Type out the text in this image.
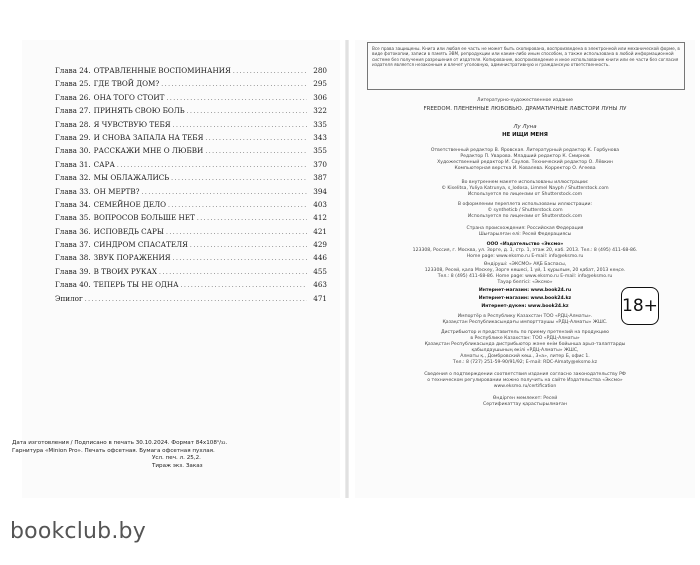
Глава 24. ОТРАВЛЕННЫЕ ВОСПОМИНАНИЯ .....	280
Глава 25. ГДЕ ТВОЙ ДОМ? .....	295
Глава 26. ОНА ТОГО СТОИТ .....	306
Глава 27. ПРИНЯТЬ СВОЮ БОЛЬ .....	322
Глава 28. Я ЧУВСТВУЮ ТЕБЯ .....	335
Глава 29. И СНОВА ЗАПАЛА НА ТЕБЯ .....	343
Глава 30. РАССКАЖИ МНЕ О ЛЮБВИ .....	355
Глава 31. САРА .....	370
Глава 32. МЫ ОБЛАЖАЛИСЬ .....	387
Глава 33. ОН МЕРТВ? .....	394
Глава 34. СЕМЕЙНОЕ ДЕЛО .....	403
Глава 35. ВОПРОСОВ БОЛЬШЕ НЕТ .....	412
Глава 36. ИСПОВЕДЬ САРЫ .....	421
Глава 37. СИНДРОМ СПАСАТЕЛЯ .....	429
Глава 38. ЗВУК ПОРАЖЕНИЯ .....	446
Глава 39. В ТВОИХ РУКАХ .....	455
Глава 40. ТЕПЕРЬ ТЫ НЕ ОДНА .....	463
Эпилог .....	471
Все права защищены. Книга или любая ее часть не может быть скопирована, воспроизведена в электронной или механической форме, в виде фотокопии, записи в память ЭВМ, репродукции или каким-либо иным способом, а также использована в любой информационной системе без получения разрешения от издателя. Копирование, воспроизведение и иное использование книги или ее части без согласия издателя является незаконным и влечет уголовную, административную и гражданскую ответственность.
Литературно-художественное издание
FREEDOM. ПЛЕНЕННЫЕ ЛЮБОВЬЮ. ДРАМАТИЧНЫЕ ЛАВСТОРИ ЛУНЫ ЛУ
Лу Луна
НЕ ИЩИ МЕНЯ
Ответственный редактор В. Яровская. Литературный редактор К. Горбунова
Редактор П. Уварова. Младший редактор К. Смирнов
Художественный редактор И. Саулов. Технический редактор О. Лёвкин
Компьютерная верстка И. Ковалева. Корректор О. Агеева
Во внутреннем макете использованы иллюстрации:
© Kiselitsa, Yuliya Katrunya, s_lodosa, Limmel Nayph / Shutterstock.com
Используется по лицензии от Shutterstock.com
В оформлении переплета использованы иллюстрации:
© syntheticb / Shutterstock.com
Используется по лицензии от Shutterstock.com
Страна происхождения: Российская Федерация
Шығарылған елі: Ресей Федерациясы
ООО «Издательство «Эксмо»
123308, Россия, г. Москва, ул. Зорге, д. 1, стр. 1, этаж 20, каб. 2013. Тел.: 8 (495) 411-68-86.
Home page: www.eksmo.ru E-mail: info@eksmo.ru
Өндіруші: «ЭКСМО» АҚБ Баспасы,
123308, Ресей, қала Мәскеу, Зорге көшесі, 1 үй, 1 құрылым, 20 қабат, 2013 кеңсе.
Тел.: 8 (495) 411-68-86. Home page: www.eksmo.ru E-mail: info@eksmo.ru
Тауар белгісі: «Эксмо»
Интернет-магазин: www.book24.ru
Интернет-магазин: www.book24.kz
Интернет-дүкен: www.book24.kz
Импортёр в Республику Казахстан ТОО «РДЦ-Алматы».
Қазақстан Республикасындағы импорттаушы «РДЦ-Алматы» ЖШС.
Дистрибьютор и представитель по приему претензий на продукцию
в Республике Казахстан: ТОО «РДЦ-Алматы»
Қазақстан Республикасында дистрибьютор және өнім бойынша арыз-талаптарды
қабылдаушының өкілі «РДЦ-Алматы» ЖШС,
Алматы қ., Домбровский көш., 3«а», литер Б, офис 1.
Тел.: 8 (727) 251-59-90/91/92; E-mail: RDC-Almaty@eksmo.kz
Сведения о подтверждении соответствия издания согласно законодательству РФ
о техническом регулировании можно получить на сайте Издательства «Эксмо»
www.eksmo.ru/certification
Өндірген мемлекет: Ресей
Сертификаттау қарастырылмаған
18+
Дата изготовления / Подписано в печать 30.10.2024. Формат 84x108¹/₃₂.
Гарнитура «Minion Pro». Печать офсетная. Бумага офсетная пухлая.
Усл. печ. л. 25,2.
Тираж экз. Заказ
bookclub.by
